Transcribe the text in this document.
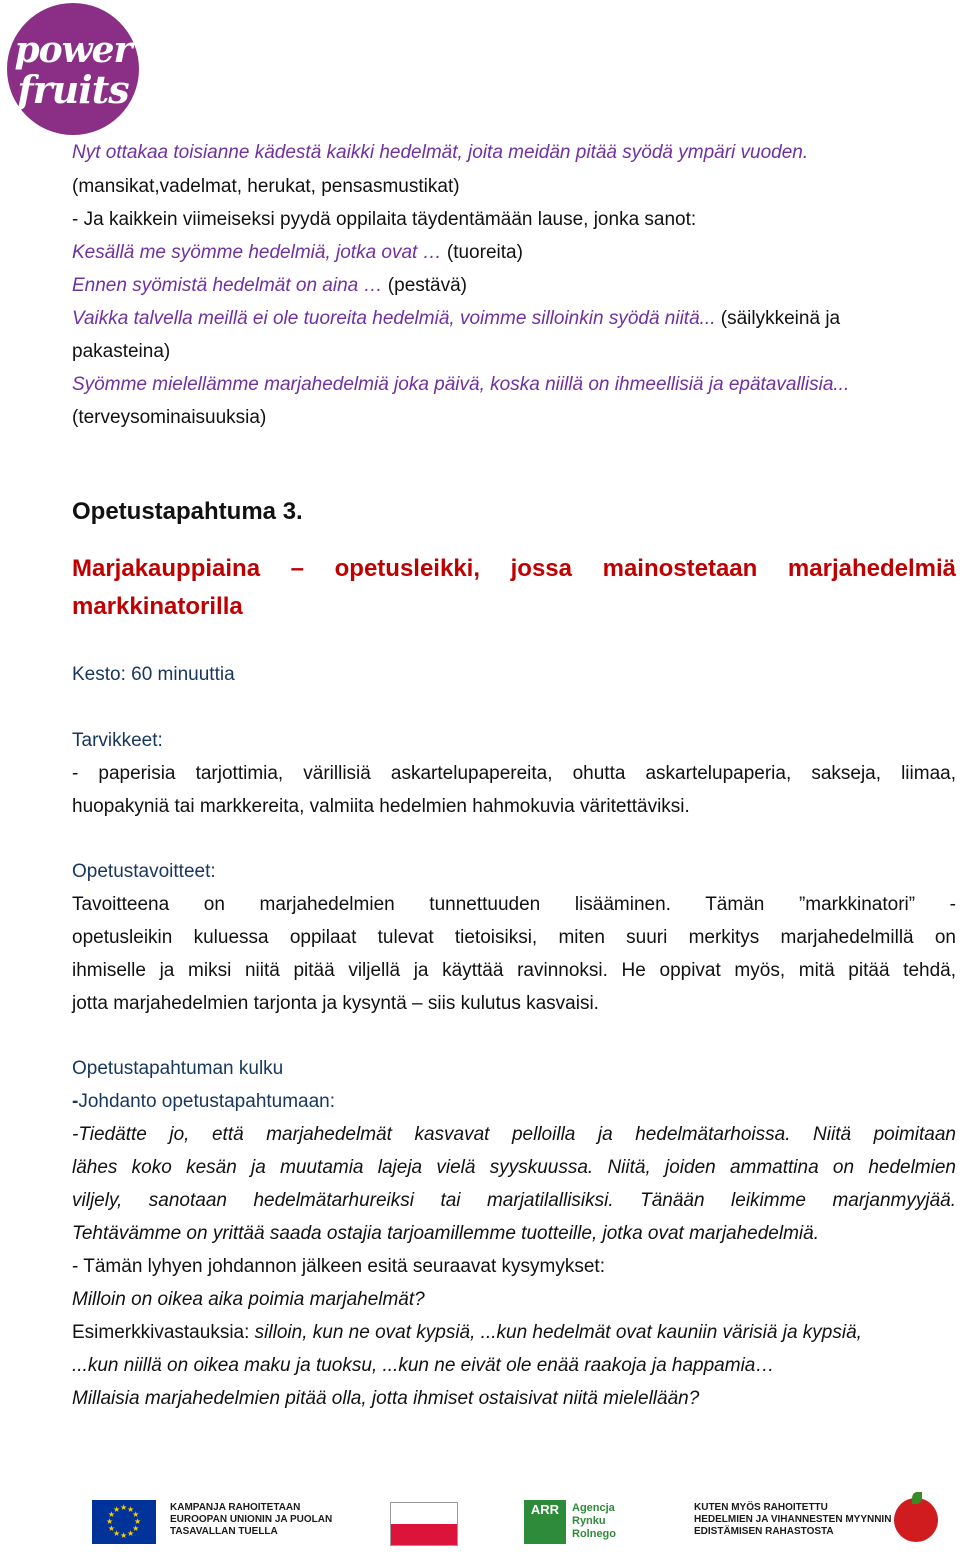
power
fruits
Nyt ottakaa toisianne kädestä kaikki hedelmät, joita meidän pitää syödä ympäri vuoden.
(mansikat,vadelmat, herukat, pensasmustikat)
- Ja kaikkein viimeiseksi pyydä oppilaita täydentämään lause, jonka sanot:
Kesällä me syömme hedelmiä, jotka ovat … (tuoreita)
Ennen syömistä hedelmät on aina … (pestävä)
Vaikka talvella meillä ei ole tuoreita hedelmiä, voimme silloinkin syödä niitä... (säilykkeinä ja
pakasteina)
Syömme mielellämme marjahedelmiä joka päivä, koska niillä on ihmeellisiä ja epätavallisia...
(terveysominaisuuksia)
Opetustapahtuma 3.
Marjakauppiaina – opetusleikki, jossa mainostetaan marjahedelmiä
markkinatorilla
Kesto: 60 minuuttia
Tarvikkeet:
- paperisia tarjottimia, värillisiä askartelupapereita, ohutta askartelupaperia, sakseja, liimaa,
huopakyniä tai markkereita, valmiita hedelmien hahmokuvia väritettäviksi.
Opetustavoitteet:
Tavoitteena on marjahedelmien tunnettuuden lisääminen. Tämän ”markkinatori” -
opetusleikin kuluessa oppilaat tulevat tietoisiksi, miten suuri merkitys marjahedelmillä on
ihmiselle ja miksi niitä pitää viljellä ja käyttää ravinnoksi. He oppivat myös, mitä pitää tehdä,
jotta marjahedelmien tarjonta ja kysyntä – siis kulutus kasvaisi.
Opetustapahtuman kulku
-Johdanto opetustapahtumaan:
-Tiedätte jo, että marjahedelmät kasvavat pelloilla ja hedelmätarhoissa. Niitä poimitaan
lähes koko kesän ja muutamia lajeja vielä syyskuussa. Niitä, joiden ammattina on hedelmien
viljely, sanotaan hedelmätarhureiksi tai marjatilallisiksi. Tänään leikimme marjanmyyjää.
Tehtävämme on yrittää saada ostajia tarjoamillemme tuotteille, jotka ovat marjahedelmiä.
- Tämän lyhyen johdannon jälkeen esitä seuraavat kysymykset:
Milloin on oikea aika poimia marjahelmät?
Esimerkkivastauksia: silloin, kun ne ovat kypsiä, ...kun hedelmät ovat kauniin värisiä ja kypsiä,
...kun niillä on oikea maku ja tuoksu, ...kun ne eivät ole enää raakoja ja happamia…
Millaisia marjahedelmien pitää olla, jotta ihmiset ostaisivat niitä mielellään?
★ ★
★
★
★
★
★
★
★
★
★
★	KAMPANJA RAHOITETAAN
EUROOPAN UNIONIN JA PUOLAN
TASAVALLAN TUELLA
ARR	Agencja
Rynku
Rolnego
KUTEN MYÖS RAHOITETTU
HEDELMIEN JA VIHANNESTEN MYYNNIN
EDISTÄMISEN RAHASTOSTA
